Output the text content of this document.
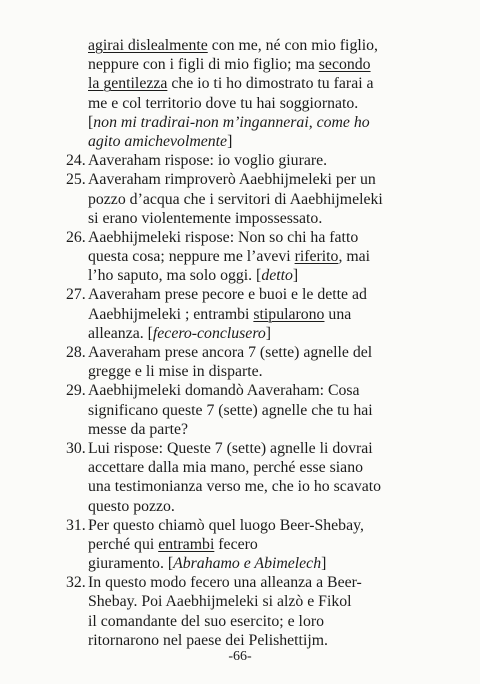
agirai dislealmente con me, né con mio figlio,
neppure con i figli di mio figlio; ma secondo
la gentilezza che io ti ho dimostrato tu farai a
me e col territorio dove tu hai soggiornato.
[non mi tradirai-non m’ingannerai, come ho
agito amichevolmente]
24. Aaveraham rispose: io voglio giurare.
25. Aaveraham rimproverò Aaebhijmeleki per un
pozzo d’acqua che i servitori di Aaebhijmeleki
si erano violentemente impossessato.
26. Aaebhijmeleki rispose: Non so chi ha fatto
questa cosa; neppure me l’avevi riferito, mai
l’ho saputo, ma solo oggi. [detto]
27. Aaveraham prese pecore e buoi e le dette ad
Aaebhijmeleki ; entrambi stipularono una
alleanza. [fecero-conclusero]
28. Aaveraham prese ancora 7 (sette) agnelle del
gregge e li mise in disparte.
29. Aaebhijmeleki domandò Aaveraham: Cosa
significano queste 7 (sette) agnelle che tu hai
messe da parte?
30. Lui rispose: Queste 7 (sette) agnelle li dovrai
accettare dalla mia mano, perché esse siano
una testimonianza verso me, che io ho scavato
questo pozzo.
31. Per questo chiamò quel luogo Beer-Shebay,
perché qui entrambi fecero
giuramento. [Abrahamo e Abimelech]
32. In questo modo fecero una alleanza a Beer-
Shebay. Poi Aaebhijmeleki si alzò e Fikol
il comandante del suo esercito; e loro
ritornarono nel paese dei Pelishettijm.
-66-
